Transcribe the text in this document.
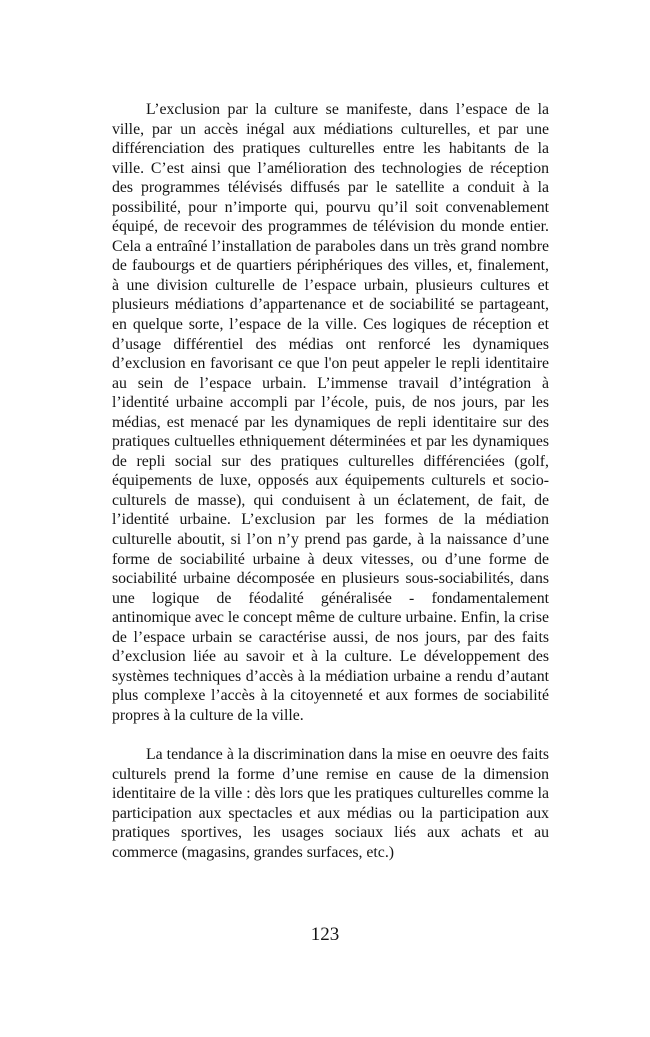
L’exclusion par la culture se manifeste, dans l’espace de la ville, par un accès inégal aux médiations culturelles, et par une différenciation des pratiques culturelles entre les habitants de la ville. C’est ainsi que l’amélioration des technologies de réception des programmes télévisés diffusés par le satellite a conduit à la possibilité, pour n’importe qui, pourvu qu’il soit convenablement équipé, de recevoir des programmes de télévision du monde entier. Cela a entraîné l’installation de paraboles dans un très grand nombre de faubourgs et de quartiers périphériques des villes, et, finalement, à une division culturelle de l’espace urbain, plusieurs cultures et plusieurs médiations d’appartenance et de sociabilité se partageant, en quelque sorte, l’espace de la ville. Ces logiques de réception et d’usage différentiel des médias ont renforcé les dynamiques d’exclusion en favorisant ce que l'on peut appeler le repli identitaire au sein de l’espace urbain. L’immense travail d’intégration à l’identité urbaine accompli par l’école, puis, de nos jours, par les médias, est menacé par les dynamiques de repli identitaire sur des pratiques cultuelles ethniquement déterminées et par les dynamiques de repli social sur des pratiques culturelles différenciées (golf, équipements de luxe, opposés aux équipements culturels et socio-culturels de masse), qui conduisent à un éclatement, de fait, de l’identité urbaine. L’exclusion par les formes de la médiation culturelle aboutit, si l’on n’y prend pas garde, à la naissance d’une forme de sociabilité urbaine à deux vitesses, ou d’une forme de sociabilité urbaine décomposée en plusieurs sous-sociabilités, dans une logique de féodalité généralisée - fondamentalement antinomique avec le concept même de culture urbaine. Enfin, la crise de l’espace urbain se caractérise aussi, de nos jours, par des faits d’exclusion liée au savoir et à la culture. Le développement des systèmes techniques d’accès à la médiation urbaine a rendu d’autant plus complexe l’accès à la citoyenneté et aux formes de sociabilité propres à la culture de la ville.

La tendance à la discrimination dans la mise en oeuvre des faits culturels prend la forme d’une remise en cause de la dimension identitaire de la ville : dès lors que les pratiques culturelles comme la participation aux spectacles et aux médias ou la participation aux pratiques sportives, les usages sociaux liés aux achats et au commerce (magasins, grandes surfaces, etc.)

123
